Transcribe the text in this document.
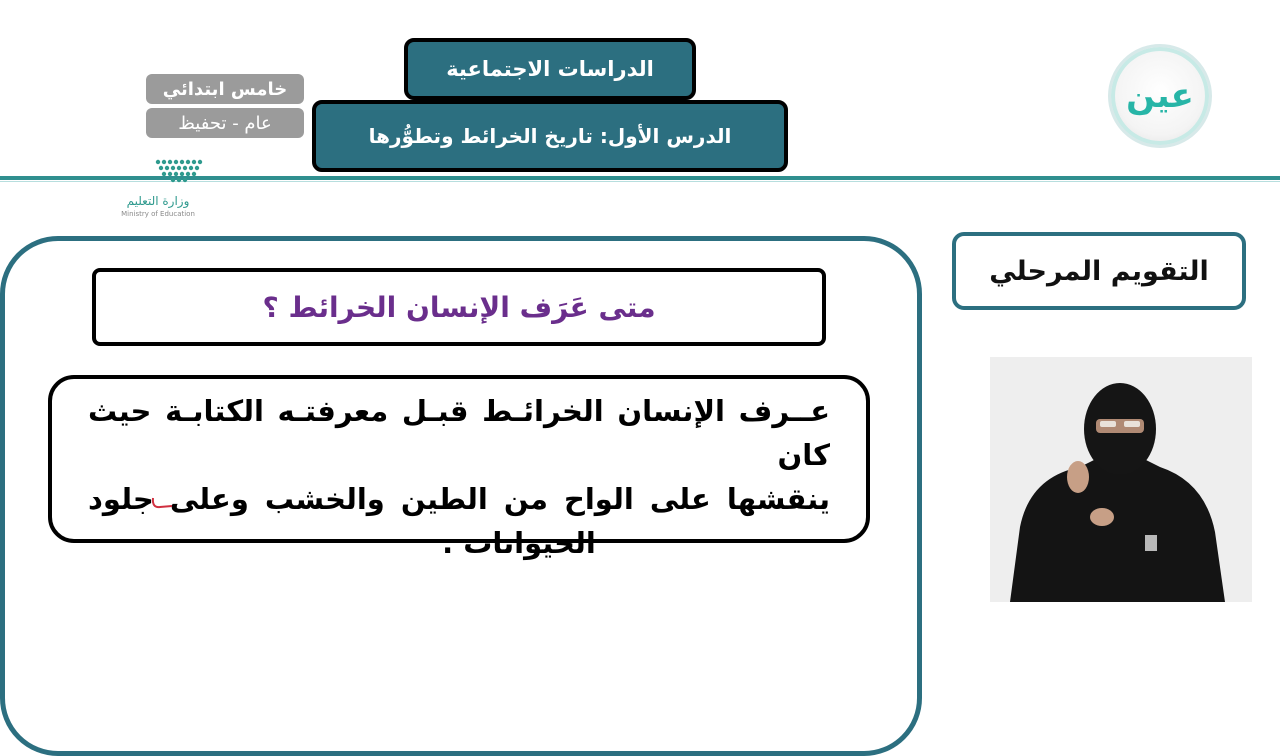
الدراسات الاجتماعية
الدرس الأول: تاريخ الخرائط وتطوُّرها
خامس ابتدائي
عام - تحفيظ
وزارة التعليم
Ministry of Education
عين
التقويم المرحلي
متى عَرَف الإنسان الخرائط ؟
عــرف الإنسان الخرائـط قبـل معرفتـه الكتابـة حيث كان
ينقشها على الواح من الطين والخشب وعلى جلود
الحيوانات .
